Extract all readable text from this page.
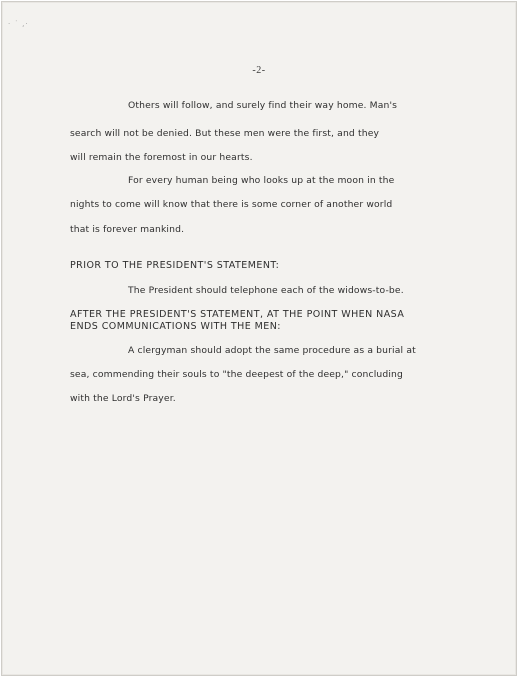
· ˙ ,·
-2-
Others will follow, and surely find their way home. Man's
search will not be denied. But these men were the first, and they
will remain the foremost in our hearts.
For every human being who looks up at the moon in the
nights to come will know that there is some corner of another world
that is forever mankind.
PRIOR TO THE PRESIDENT'S STATEMENT:
The President should telephone each of the widows-to-be.
AFTER THE PRESIDENT'S STATEMENT, AT THE POINT WHEN NASA
ENDS COMMUNICATIONS WITH THE MEN:
A clergyman should adopt the same procedure as a burial at
sea, commending their souls to "the deepest of the deep," concluding
with the Lord's Prayer.
